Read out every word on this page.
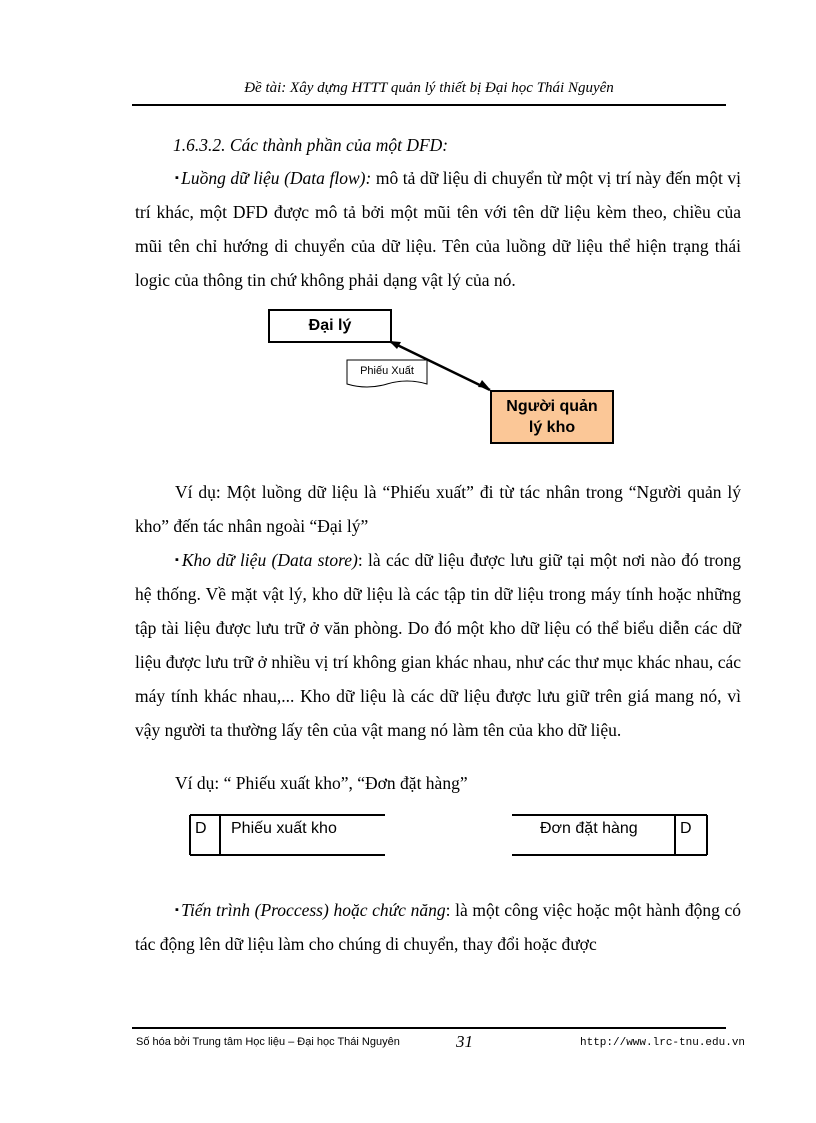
Đề tài: Xây dựng HTTT quản lý thiết bị Đại học Thái Nguyên
1.6.3.2. Các thành phần của một DFD:
▪ Luồng dữ liệu (Data flow): mô tả dữ liệu di chuyển từ một vị trí này đến một vị trí khác, một DFD được mô tả bởi một mũi tên với tên dữ liệu kèm theo, chiều của mũi tên chỉ hướng di chuyển của dữ liệu. Tên của luồng dữ liệu thể hiện trạng thái logic của thông tin chứ không phải dạng vật lý của nó.
Đại lý
Phiếu Xuất
Người quản
lý kho
Ví dụ: Một luồng dữ liệu là “Phiếu xuất” đi từ tác nhân trong “Người quản lý kho” đến tác nhân ngoài “Đại lý”
▪ Kho dữ liệu (Data store): là các dữ liệu được lưu giữ tại một nơi nào đó trong hệ thống. Về mặt vật lý, kho dữ liệu là các tập tin dữ liệu trong máy tính hoặc những tập tài liệu được lưu trữ ở văn phòng. Do đó một kho dữ liệu có thể biểu diễn các dữ liệu được lưu trữ ở nhiều vị trí không gian khác nhau, như các thư mục khác nhau, các máy tính khác nhau,... Kho dữ liệu là các dữ liệu được lưu giữ trên giá mang nó, vì vậy người ta thường lấy tên của vật mang nó làm tên của kho dữ liệu.
Ví dụ: “ Phiếu xuất kho”, “Đơn đặt hàng”
D Phiếu xuất kho	Đơn đặt hàng	D
▪ Tiến trình (Proccess) hoặc chức năng: là một công việc hoặc một hành động có tác động lên dữ liệu làm cho chúng di chuyển, thay đổi hoặc được
Số hóa bởi Trung tâm Học liệu – Đại học Thái Nguyên	31	http://www.lrc-tnu.edu.vn
